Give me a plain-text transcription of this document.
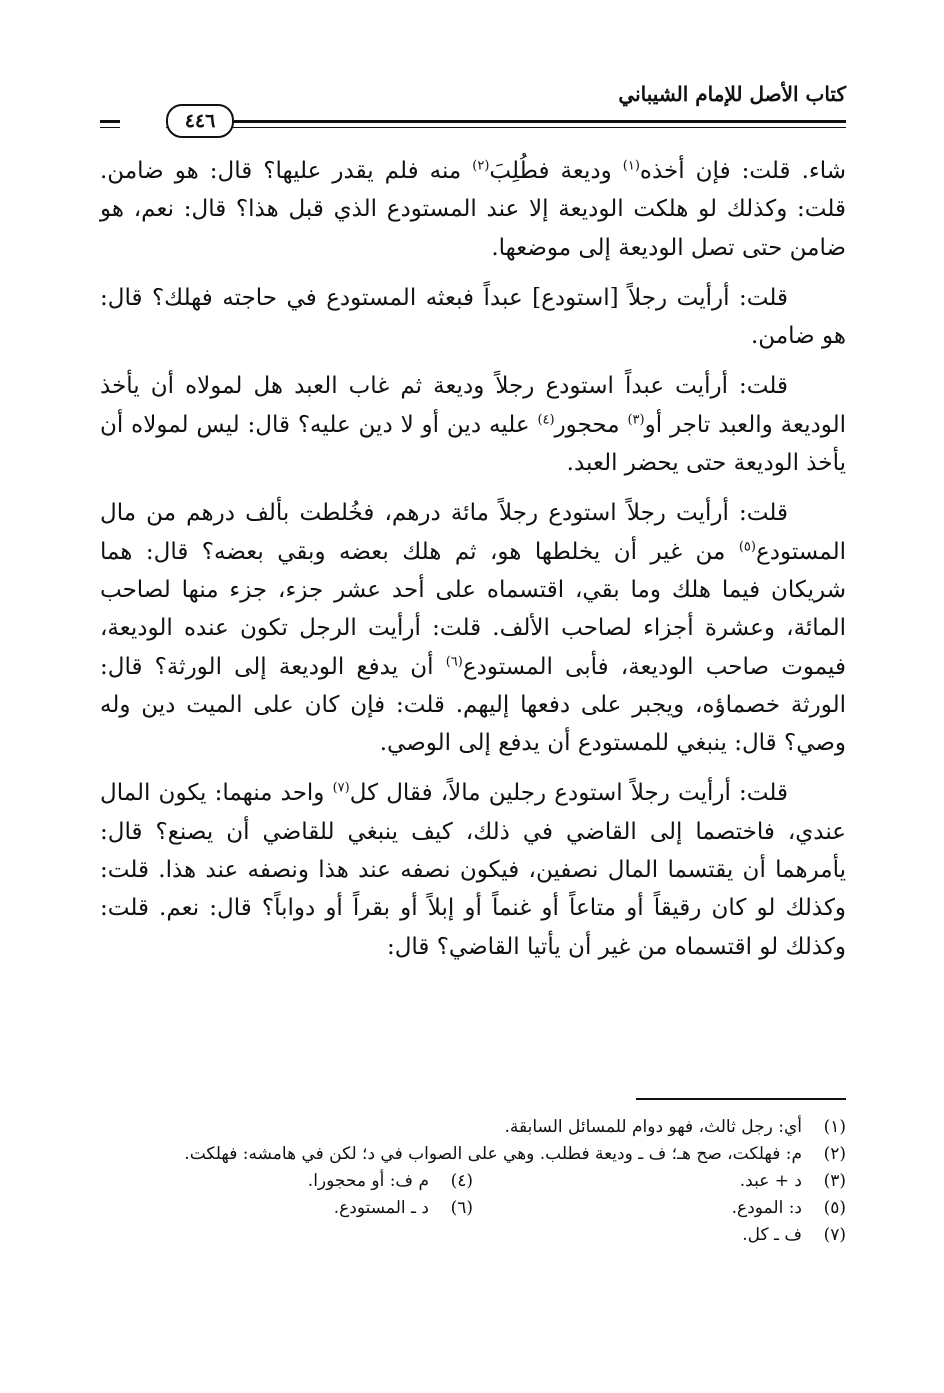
كتاب الأصل للإمام الشيباني
٤٤٦

شاء. قلت: فإن أخذه$^{(١)}$ وديعة فطُلِبَ$^{(٢)}$ منه فلم يقدر عليها؟ قال: هو ضامن. قلت: وكذلك لو هلكت الوديعة إلا عند المستودع الذي قبل هذا؟ قال: نعم، هو ضامن حتى تصل الوديعة إلى موضعها.

قلت: أرأيت رجلاً [استودع] عبداً فبعثه المستودع في حاجته فهلك؟ قال: هو ضامن.

قلت: أرأيت عبداً استودع رجلاً وديعة ثم غاب العبد هل لمولاه أن يأخذ الوديعة والعبد تاجر أو$^{(٣)}$ محجور$^{(٤)}$ عليه دين أو لا دين عليه؟ قال: ليس لمولاه أن يأخذ الوديعة حتى يحضر العبد.

قلت: أرأيت رجلاً استودع رجلاً مائة درهم، فخُلطت بألف درهم من مال المستودع$^{(٥)}$ من غير أن يخلطها هو، ثم هلك بعضه وبقي بعضه؟ قال: هما شريكان فيما هلك وما بقي، اقتسماه على أحد عشر جزء، جزء منها لصاحب المائة، وعشرة أجزاء لصاحب الألف. قلت: أرأيت الرجل تكون عنده الوديعة، فيموت صاحب الوديعة، فأبى المستودع$^{(٦)}$ أن يدفع الوديعة إلى الورثة؟ قال: الورثة خصماؤه، ويجبر على دفعها إليهم. قلت: فإن كان على الميت دين وله وصي؟ قال: ينبغي للمستودع أن يدفع إلى الوصي.

قلت: أرأيت رجلاً استودع رجلين مالاً، فقال كل$^{(٧)}$ واحد منهما: يكون المال عندي، فاختصما إلى القاضي في ذلك، كيف ينبغي للقاضي أن يصنع؟ قال: يأمرهما أن يقتسما المال نصفين، فيكون نصفه عند هذا ونصفه عند هذا. قلت: وكذلك لو كان رقيقاً أو متاعاً أو غنماً أو إبلاً أو بقراً أو دواباً؟ قال: نعم. قلت: وكذلك لو اقتسماه من غير أن يأتيا القاضي؟ قال:

(١)
أي: رجل ثالث، فهو دوام للمسائل السابقة.
(٢)
م: فهلكت، صح هـ؛ ف ـ وديعة فطلب. وهي على الصواب في د؛ لكن في هامشه: فهلكت.
(٣)
د + عبد.
(٤)
م ف: أو محجورا.
(٥)
د: المودع.
(٦)
د ـ المستودع.
(٧)
ف ـ كل.
